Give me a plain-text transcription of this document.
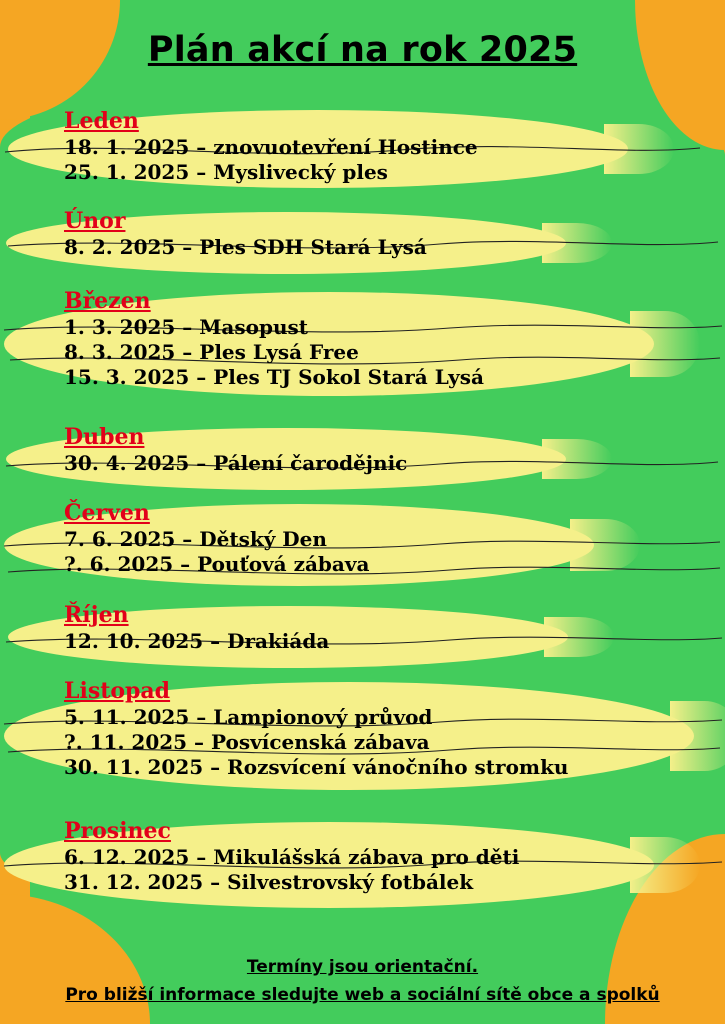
Plán akcí na rok 2025
Leden
18. 1. 2025 – znovuotevření Hostince
25. 1. 2025 – Myslivecký ples
Únor
8. 2. 2025 – Ples SDH Stará Lysá
Březen
1. 3. 2025 – Masopust
8. 3. 2025 – Ples Lysá Free
15. 3. 2025 – Ples TJ Sokol Stará Lysá
Duben
30. 4. 2025 – Pálení čarodějnic
Červen
7. 6. 2025 – Dětský Den
?. 6. 2025 – Pouťová zábava
Říjen
12. 10. 2025 – Drakiáda
Listopad
5. 11. 2025 – Lampionový průvod
?. 11. 2025 – Posvícenská zábava
30. 11. 2025 – Rozsvícení vánočního stromku
Prosinec
6. 12. 2025 – Mikulášská zábava pro děti
31. 12. 2025 – Silvestrovský fotbálek
Termíny jsou orientační.
Pro bližší informace sledujte web a sociální sítě obce a spolků
